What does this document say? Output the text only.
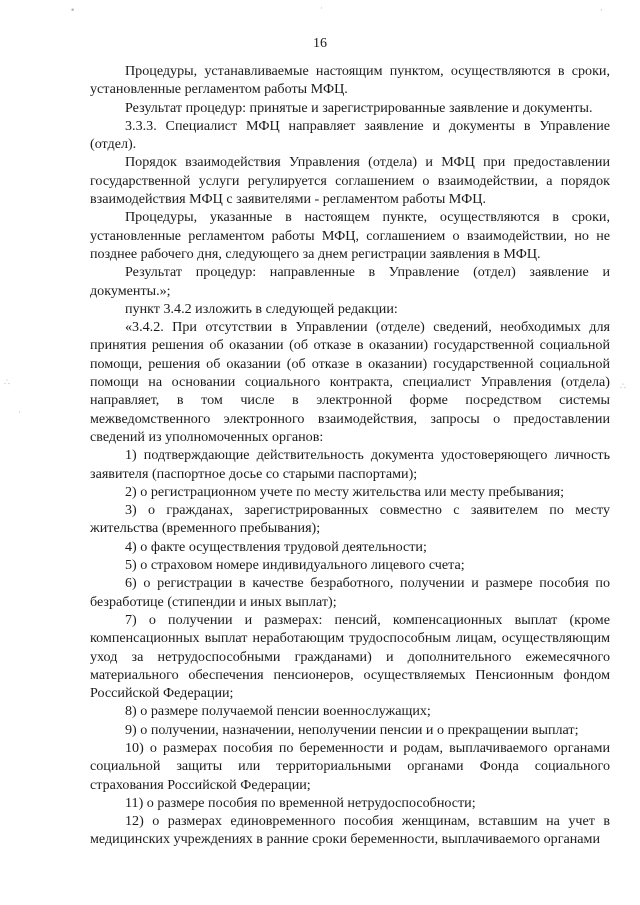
16

Процедуры, устанавливаемые настоящим пунктом, осуществляются в сроки, установленные регламентом работы МФЦ.

Результат процедур: принятые и зарегистрированные заявление и документы.

3.3.3. Специалист МФЦ направляет заявление и документы в Управление (отдел).

Порядок взаимодействия Управления (отдела) и МФЦ при предоставлении государственной услуги регулируется соглашением о взаимодействии, а порядок взаимодействия МФЦ с заявителями - регламентом работы МФЦ.

Процедуры, указанные в настоящем пункте, осуществляются в сроки, установленные регламентом работы МФЦ, соглашением о взаимодействии, но не позднее рабочего дня, следующего за днем регистрации заявления в МФЦ.

Результат процедур: направленные в Управление (отдел) заявление и документы.»;

пункт 3.4.2 изложить в следующей редакции:

«3.4.2. При отсутствии в Управлении (отделе) сведений, необходимых для принятия решения об оказании (об отказе в оказании) государственной социальной помощи, решения об оказании (об отказе в оказании) государственной социальной помощи на основании социального контракта, специалист Управления (отдела) направляет, в том числе в электронной форме посредством системы межведомственного электронного взаимодействия, запросы о предоставлении сведений из уполномоченных органов:

1) подтверждающие действительность документа удостоверяющего личность заявителя (паспортное досье со старыми паспортами);

2) о регистрационном учете по месту жительства или месту пребывания;

3) о гражданах, зарегистрированных совместно с заявителем по месту жительства (временного пребывания);

4) о факте осуществления трудовой деятельности;

5) о страховом номере индивидуального лицевого счета;

6) о регистрации в качестве безработного, получении и размере пособия по безработице (стипендии и иных выплат);

7) о получении и размерах: пенсий, компенсационных выплат (кроме компенсационных выплат неработающим трудоспособным лицам, осуществляющим уход за нетрудоспособными гражданами) и дополнительного ежемесячного материального обеспечения пенсионеров, осуществляемых Пенсионным фондом Российской Федерации;

8) о размере получаемой пенсии военнослужащих;

9) о получении, назначении, неполучении пенсии и о прекращении выплат;

10) о размерах пособия по беременности и родам, выплачиваемого органами социальной защиты или территориальными органами Фонда социального страхования Российской Федерации;

11) о размере пособия по временной нетрудоспособности;

12) о размерах единовременного пособия женщинам, вставшим на учет в медицинских учреждениях в ранние сроки беременности, выплачиваемого органами

•	·	·
∴	∴
·
